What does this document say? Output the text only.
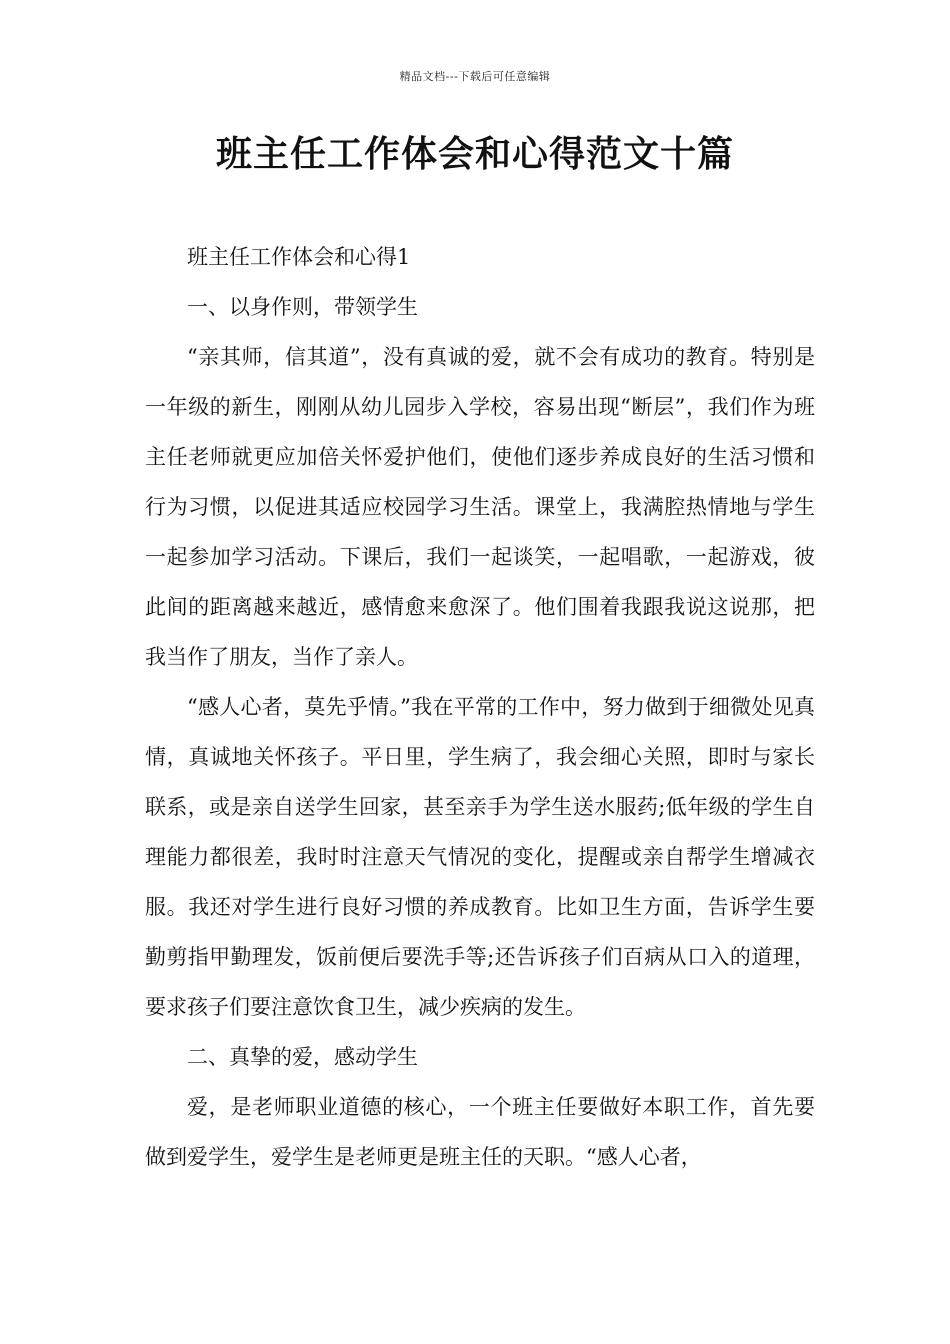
精品文档---下载后可任意编辑
班主任工作体会和心得范文十篇

班主任工作体会和心得1

一、以身作则，带领学生

“亲其师，信其道”，没有真诚的爱，就不会有成功的教育。特别是一年级的新生，刚刚从幼儿园步入学校，容易出现“断层”，我们作为班主任老师就更应加倍关怀爱护他们，使他们逐步养成良好的生活习惯和行为习惯，以促进其适应校园学习生活。课堂上，我满腔热情地与学生一起参加学习活动。下课后，我们一起谈笑，一起唱歌，一起游戏，彼此间的距离越来越近，感情愈来愈深了。他们围着我跟我说这说那，把我当作了朋友，当作了亲人。

“感人心者，莫先乎情。”我在平常的工作中，努力做到于细微处见真情，真诚地关怀孩子。平日里，学生病了，我会细心关照，即时与家长联系，或是亲自送学生回家，甚至亲手为学生送水服药;低年级的学生自理能力都很差，我时时注意天气情况的变化，提醒或亲自帮学生增减衣服。我还对学生进行良好习惯的养成教育。比如卫生方面，告诉学生要勤剪指甲勤理发，饭前便后要洗手等;还告诉孩子们百病从口入的道理，要求孩子们要注意饮食卫生，减少疾病的发生。

二、真挚的爱，感动学生

爱，是老师职业道德的核心，一个班主任要做好本职工作，首先要做到爱学生，爱学生是老师更是班主任的天职。“感人心者，
